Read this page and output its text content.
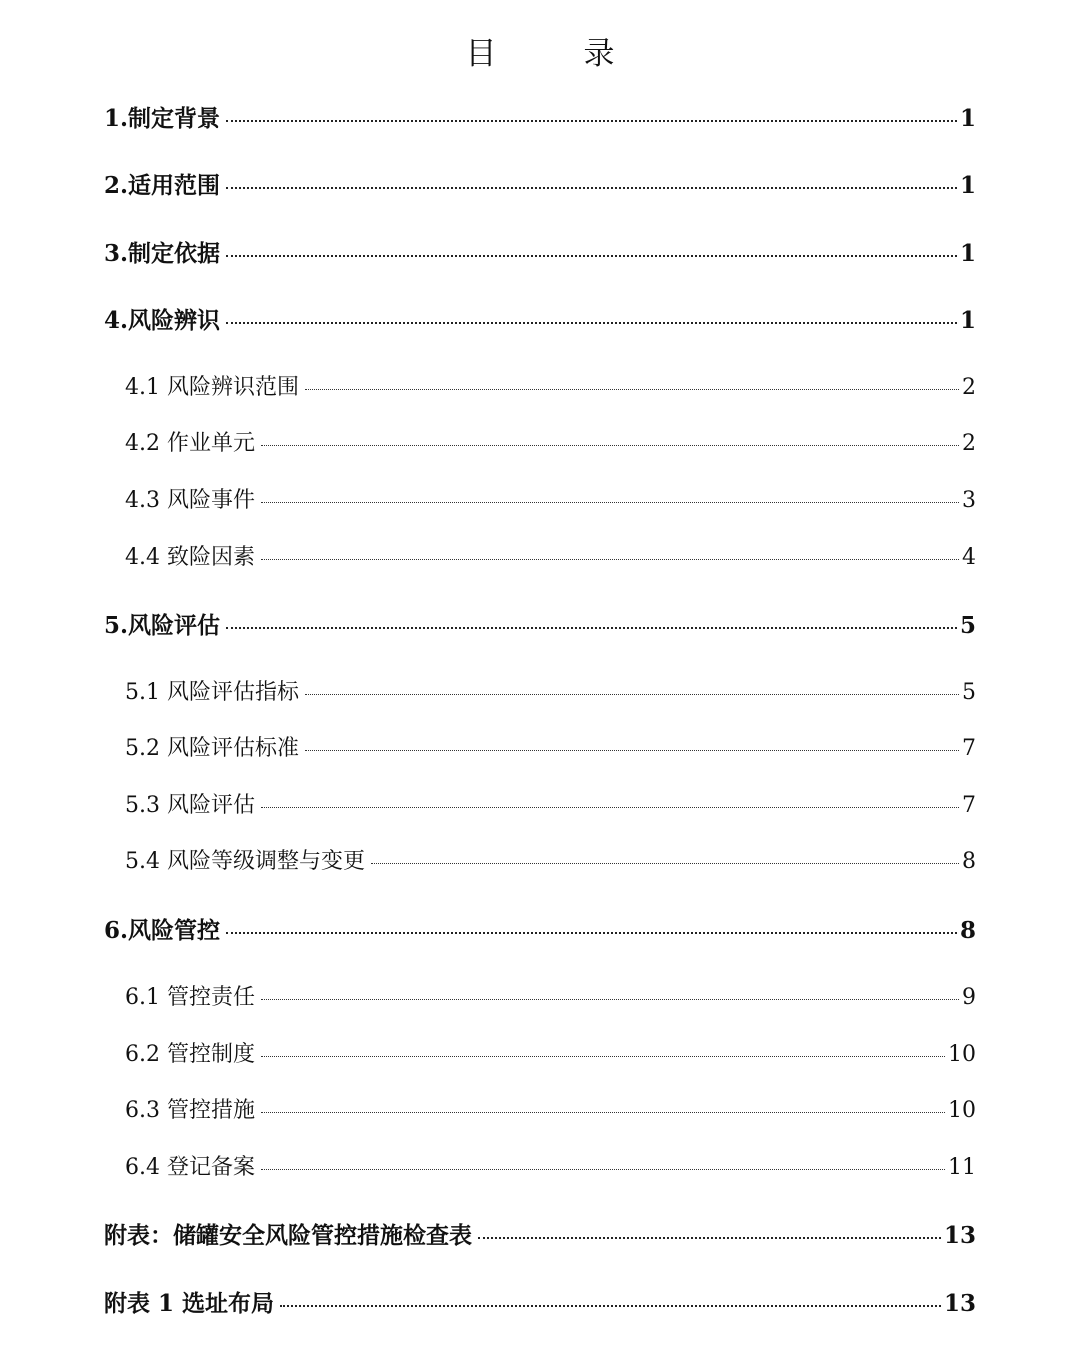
目　录
1.制定背景	1
2.适用范围	1
3.制定依据	1
4.风险辨识	1
4.1 风险辨识范围	2
4.2 作业单元	2
4.3 风险事件	3
4.4 致险因素	4
5.风险评估	5
5.1 风险评估指标	5
5.2 风险评估标准	7
5.3 风险评估	7
5.4 风险等级调整与变更	8
6.风险管控	8
6.1 管控责任	9
6.2 管控制度	10
6.3 管控措施	10
6.4 登记备案	11
附表：储罐安全风险管控措施检查表	13
附表 1 选址布局	13
